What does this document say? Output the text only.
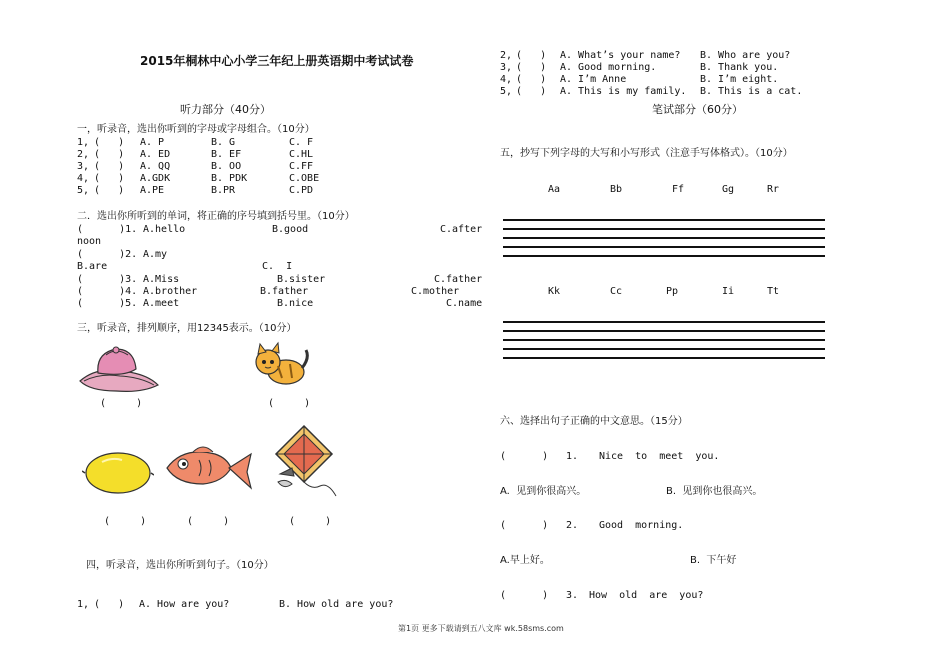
2015年桐林中心小学三年纪上册英语期中考试试卷
听力部分（40分）
一，听录音，选出你听到的字母或字母组合。（10分）
1, (   ) A. P	B. G	C. F
2, (   ) A. ED	B. EF	C.HL
3, (   ) A. QQ	B. OO	C.FF
4, (   ) A.GDK	B. PDK	C.OBE
5, (   ) A.PE	B.PR	C.PD
二．选出你所听到的单词，将正确的序号填到括号里。（10分）
(      )1. A.hello	B.good	C.after
noon
(      )2. A.my
B.are	C.  I
(      )3. A.Miss	B.sister	C.father
(      )4. A.brother	B.father	C.mother
(      )5. A.meet	B.nice	C.name
三，听录音，排列顺序，用12345表示。（10分）
(     )	(     )
(     )	(     )	(     )
四，听录音，选出你所听到句子。（10分）
1, (   ) A. How are you?	B. How old are you?
2, (   ) A. What’s your name? B. Who are you?
3, (   ) A. Good morning.	B. Thank you.
4, (   ) A. I’m Anne	B. I’m eight.
5, (   ) A. This is my family. B. This is a cat.
笔试部分（60分）
五，抄写下列字母的大写和小写形式（注意手写体格式）。（10分）
Aa	Bb	Ff	Gg	Rr
Kk	Cc	Pp	Ii	Tt
六、选择出句子正确的中文意思。（15分）
(      ) 1. Nice  to  meet  you.
A.  见到你很高兴。	B.  见到你也很高兴。
(      ) 2. Good  morning.
A.早上好。	B.  下午好
(      ) 3. How  old  are  you?
第1页 更多下载请到五八文库 wk.58sms.com
